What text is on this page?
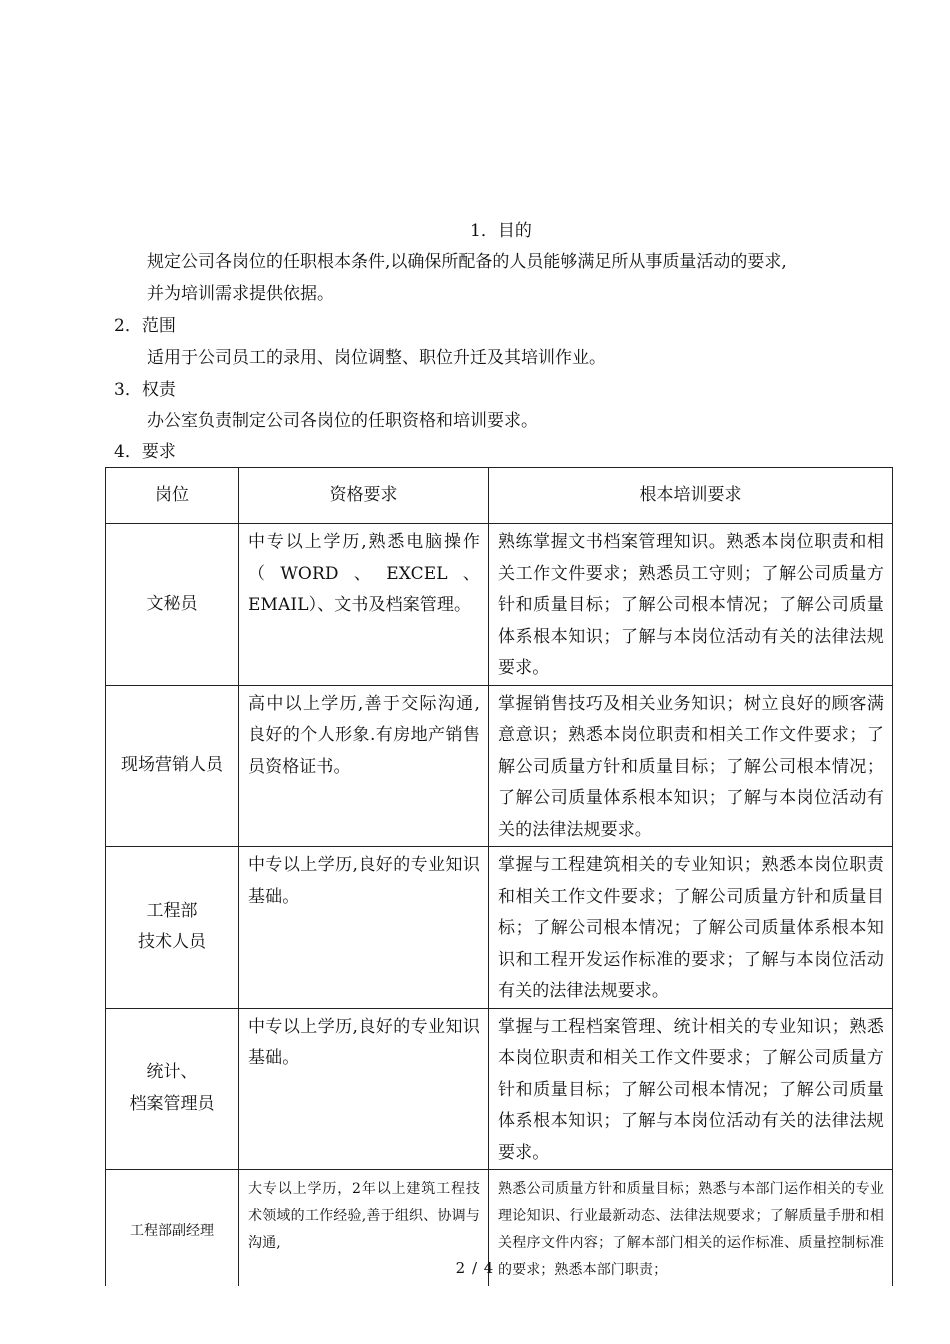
1．目的
规定公司各岗位的任职根本条件,以确保所配备的人员能够满足所从事质量活动的要求,
并为培训需求提供依据。
2．范围
适用于公司员工的录用、岗位调整、职位升迁及其培训作业。
3．权责
办公室负责制定公司各岗位的任职资格和培训要求。
4．要求
岗位	资格要求	根本培训要求

文秘员	中专以上学历,熟悉电脑操作（WORD、EXCEL、EMAIL）、文书及档案管理。	熟练掌握文书档案管理知识。熟悉本岗位职责和相关工作文件要求；熟悉员工守则；了解公司质量方针和质量目标；了解公司根本情况；了解公司质量体系根本知识；了解与本岗位活动有关的法律法规要求。

现场营销人员	高中以上学历,善于交际沟通,良好的个人形象.有房地产销售员资格证书。	掌握销售技巧及相关业务知识；树立良好的顾客满意意识；熟悉本岗位职责和相关工作文件要求；了解公司质量方针和质量目标；了解公司根本情况；了解公司质量体系根本知识；了解与本岗位活动有关的法律法规要求。

工程部
技术人员	中专以上学历,良好的专业知识基础。	掌握与工程建筑相关的专业知识；熟悉本岗位职责和相关工作文件要求；了解公司质量方针和质量目标；了解公司根本情况；了解公司质量体系根本知识和工程开发运作标准的要求；了解与本岗位活动有关的法律法规要求。

统计、
档案管理员	中专以上学历,良好的专业知识基础。	掌握与工程档案管理、统计相关的专业知识；熟悉本岗位职责和相关工作文件要求；了解公司质量方针和质量目标；了解公司根本情况；了解公司质量体系根本知识；了解与本岗位活动有关的法律法规要求。

工程部副经理	大专以上学历，2年以上建筑工程技术领域的工作经验,善于组织、协调与沟通,	熟悉公司质量方针和质量目标；熟悉与本部门运作相关的专业理论知识、行业最新动态、法律法规要求；了解质量手册和相关程序文件内容；了解本部门相关的运作标准、质量控制标准的要求；熟悉本部门职责；
2 / 4
